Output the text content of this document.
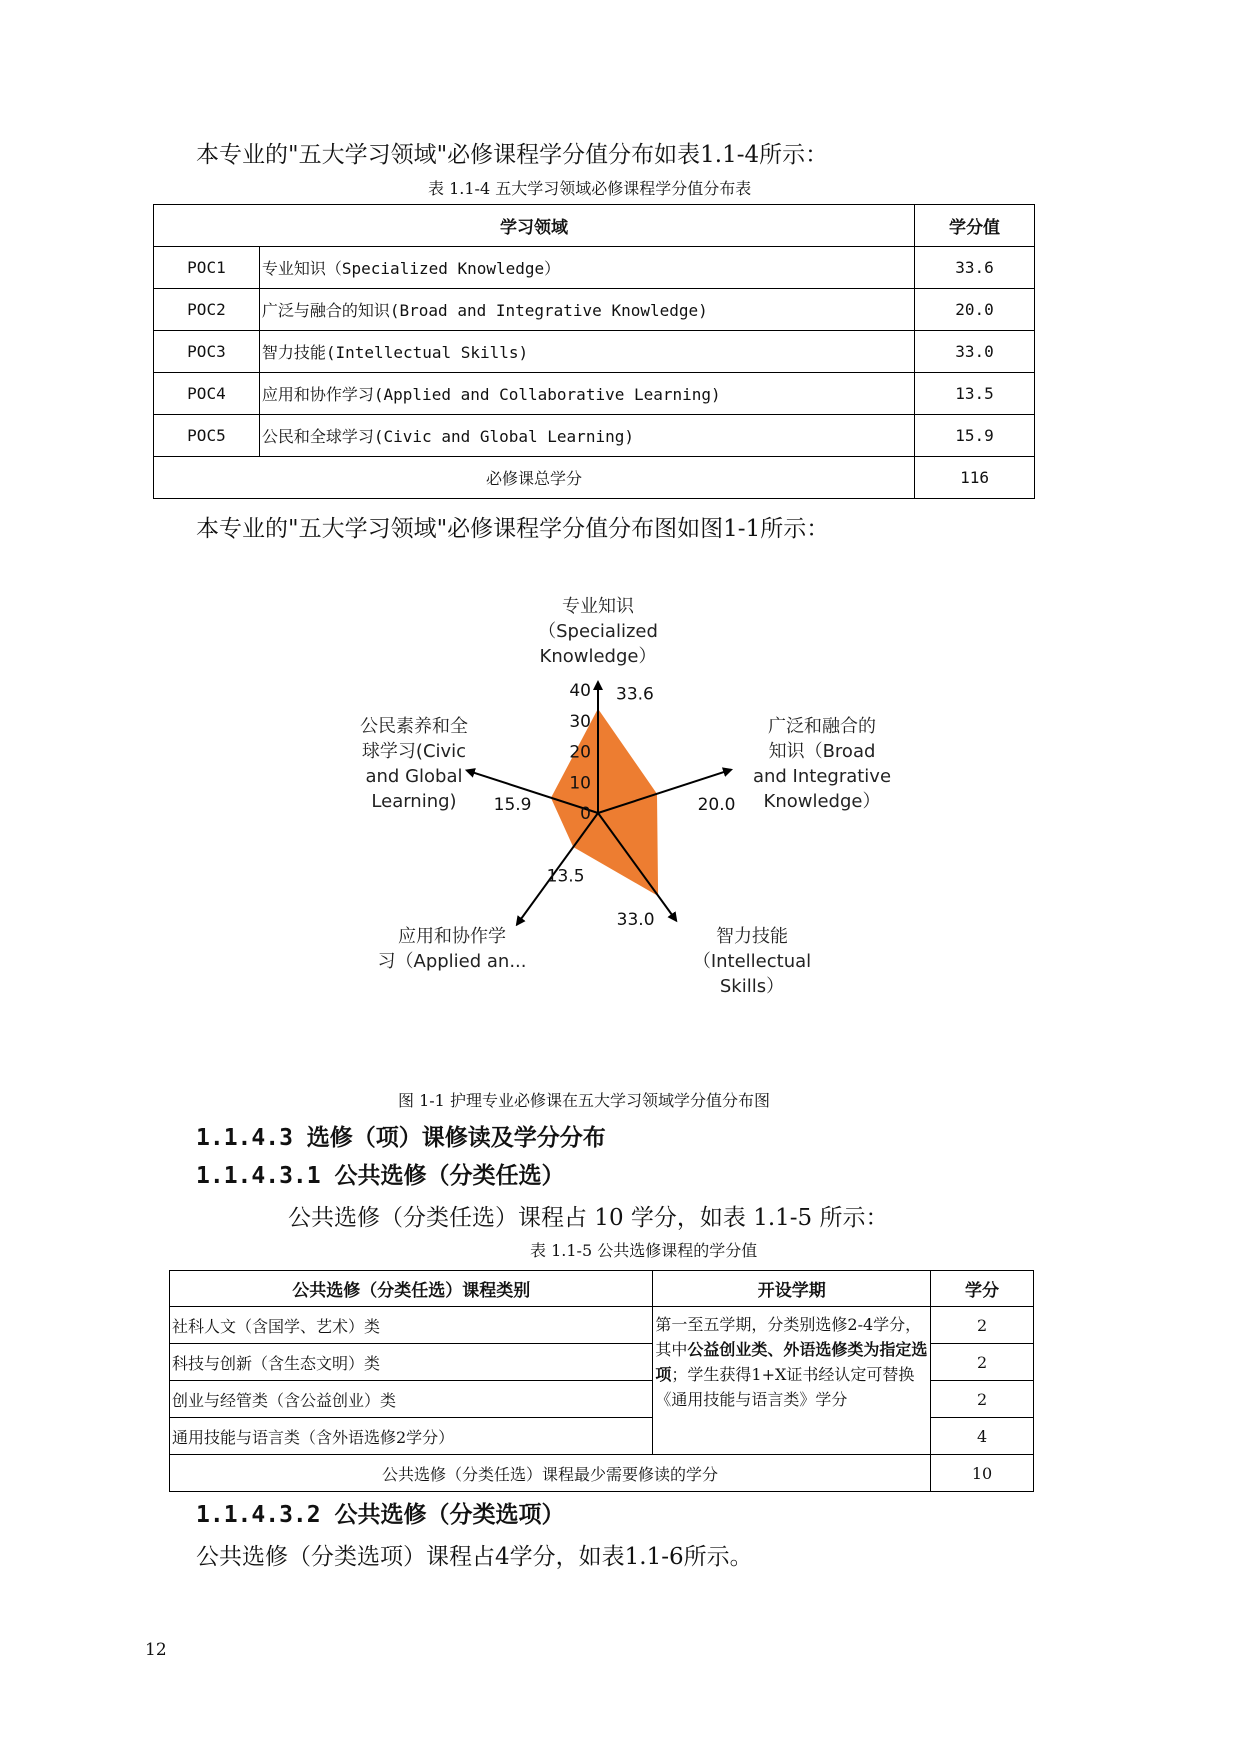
本专业的"五大学习领域"必修课程学分值分布如表1.1-4所示：
表 1.1-4 五大学习领域必修课程学分值分布表
学习领域		学分值
POC1	专业知识（Specialized Knowledge）	33.6
POC2	广泛与融合的知识(Broad and Integrative Knowledge)	20.0
POC3	智力技能(Intellectual Skills)	33.0
POC4	应用和协作学习(Applied and Collaborative Learning)	13.5
POC5	公民和全球学习(Civic and Global Learning)	15.9
必修课总学分		116
本专业的"五大学习领域"必修课程学分值分布图如图1-1所示：
0
10
20
30
40 33.6
20.0
33.0
13.5
15.9
专业知识（Specialized Knowledge）
广泛和融合的知识（Broad and Integrative Knowledge）
智力技能（Intellectual Skills）
应用和协作学习（Applied an...
公民素养和全球学习(Civic and Global Learning)
图 1-1 护理专业必修课在五大学习领域学分值分布图
1.1.4.3 选修（项）课修读及学分分布
1.1.4.3.1 公共选修（分类任选）
公共选修（分类任选）课程占 10 学分，如表 1.1-5 所示：
表 1.1-5 公共选修课程的学分值
公共选修（分类任选）课程类别	开设学期	学分
社科人文（含国学、艺术）类	第一至五学期，分类别选修2-4学分，其中公益创业类、外语选修类为指定选项；学生获得1+X证书经认定可替换《通用技能与语言类》学分	2
科技与创新（含生态文明）类		2
创业与经管类（含公益创业）类		2
通用技能与语言类（含外语选修2学分）		4
公共选修（分类任选）课程最少需要修读的学分		10
1.1.4.3.2 公共选修（分类选项）
公共选修（分类选项）课程占4学分，如表1.1-6所示。
12
